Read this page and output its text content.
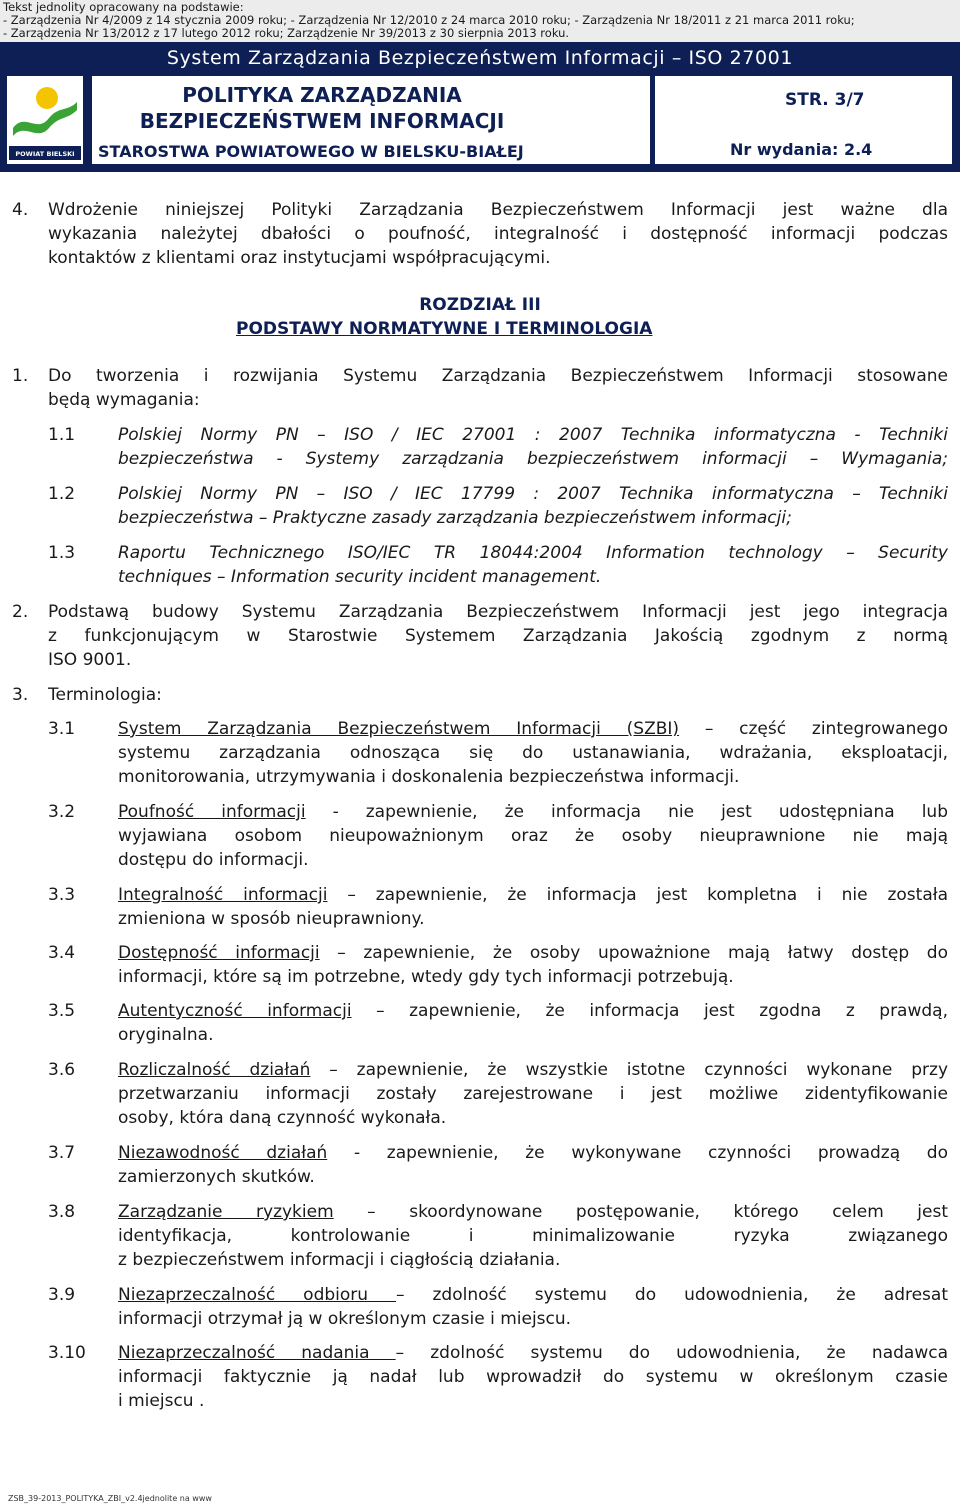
Tekst jednolity opracowany na podstawie:
- Zarządzenia Nr 4/2009 z 14 stycznia 2009 roku; - Zarządzenia Nr 12/2010 z 24 marca 2010 roku; - Zarządzenia Nr 18/2011 z 21 marca 2011 roku;
- Zarządzenia Nr 13/2012 z 17 lutego 2012 roku; Zarządzenie Nr 39/2013 z 30 sierpnia 2013 roku.
System Zarządzania Bezpieczeństwem Informacji – ISO 27001
POWIAT BIELSKI
POLITYKA ZARZĄDZANIA
BEZPIECZEŃSTWEM INFORMACJI
STAROSTWA POWIATOWEGO W BIELSKU-BIAŁEJ
STR. 3/7
Nr wydania: 2.4
4. Wdrożenie niniejszej Polityki Zarządzania Bezpieczeństwem Informacji jest ważne dla
wykazania należytej dbałości o poufność, integralność i dostępność informacji podczas
kontaktów z klientami oraz instytucjami współpracującymi.
ROZDZIAŁ III
PODSTAWY NORMATYWNE I TERMINOLOGIA
1. Do tworzenia i rozwijania Systemu Zarządzania Bezpieczeństwem Informacji stosowane
będą wymagania:
1.1	Polskiej Normy PN – ISO / IEC 27001 : 2007 Technika informatyczna - Techniki
bezpieczeństwa - Systemy zarządzania bezpieczeństwem informacji – Wymagania;
1.2	Polskiej Normy PN – ISO / IEC 17799 : 2007 Technika informatyczna – Techniki
bezpieczeństwa – Praktyczne zasady zarządzania bezpieczeństwem informacji;
1.3	Raportu Technicznego ISO/IEC TR 18044:2004 Information technology – Security
techniques – Information security incident management.
2. Podstawą budowy Systemu Zarządzania Bezpieczeństwem Informacji jest jego integracja
z funkcjonującym w Starostwie Systemem Zarządzania Jakością zgodnym z normą
ISO 9001.
3. Terminologia:
3.1	System Zarządzania Bezpieczeństwem Informacji (SZBI) – część zintegrowanego
systemu zarządzania odnosząca się do ustanawiania, wdrażania, eksploatacji,
monitorowania, utrzymywania i doskonalenia bezpieczeństwa informacji.
3.2	Poufność informacji - zapewnienie, że informacja nie jest udostępniana lub
wyjawiana osobom nieupoważnionym oraz że osoby nieuprawnione nie mają
dostępu do informacji.
3.3	Integralność informacji – zapewnienie, że informacja jest kompletna i nie została
zmieniona w sposób nieuprawniony.
3.4	Dostępność informacji – zapewnienie, że osoby upoważnione mają łatwy dostęp do
informacji, które są im potrzebne, wtedy gdy tych informacji potrzebują.
3.5	Autentyczność informacji – zapewnienie, że informacja jest zgodna z prawdą,
oryginalna.
3.6	Rozliczalność działań – zapewnienie, że wszystkie istotne czynności wykonane przy
przetwarzaniu informacji zostały zarejestrowane i jest możliwe zidentyfikowanie
osoby, która daną czynność wykonała.
3.7	Niezawodność działań - zapewnienie, że wykonywane czynności prowadzą do
zamierzonych skutków.
3.8	Zarządzanie ryzykiem – skoordynowane postępowanie, którego celem jest
identyfikacja, kontrolowanie i minimalizowanie ryzyka związanego
z bezpieczeństwem informacji i ciągłością działania.
3.9	Niezaprzeczalność odbioru – zdolność systemu do udowodnienia, że adresat
informacji otrzymał ją w określonym czasie i miejscu.
3.10 Niezaprzeczalność nadania – zdolność systemu do udowodnienia, że nadawca
informacji faktycznie ją nadał lub wprowadził do systemu w określonym czasie
i miejscu .
ZSB_39-2013_POLITYKA_ZBI_v2.4jednolite na www
